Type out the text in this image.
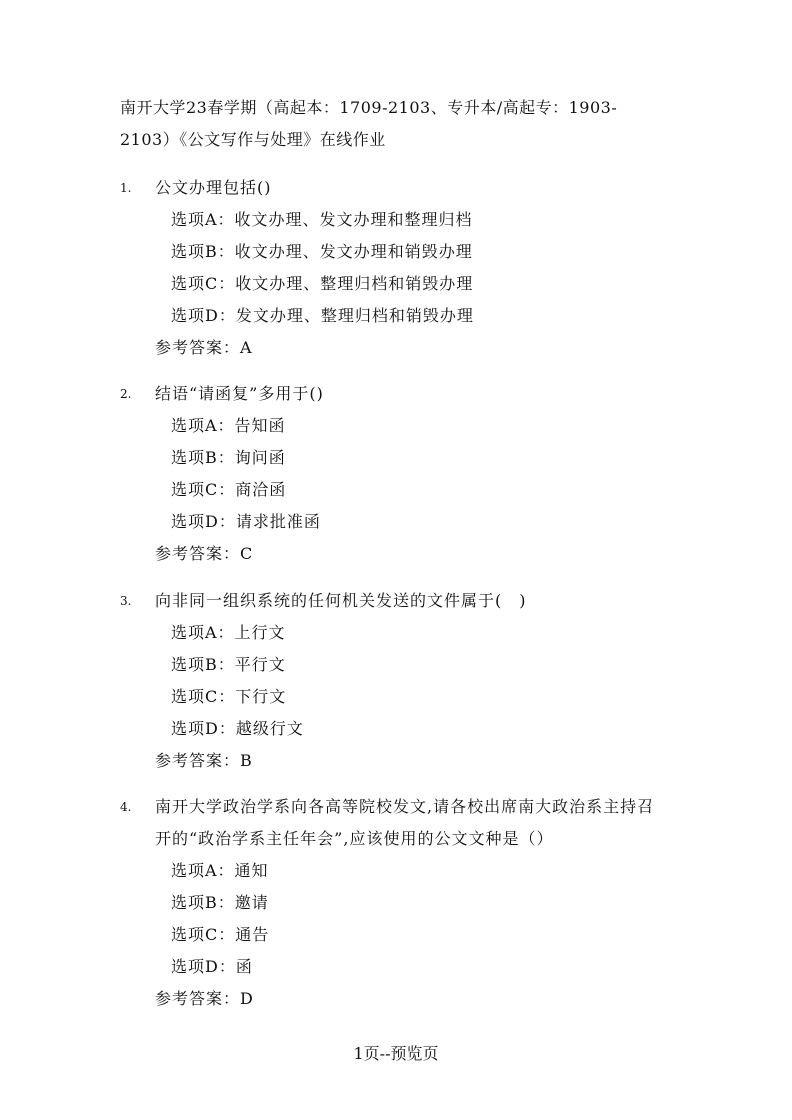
南开大学23春学期（高起本：1709-2103、专升本/高起专：1903-
2103）《公文写作与处理》在线作业
1. 公文办理包括()
选项A：收文办理、发文办理和整理归档
选项B：收文办理、发文办理和销毁办理
选项C：收文办理、整理归档和销毁办理
选项D：发文办理、整理归档和销毁办理
参考答案：A
2. 结语“请函复”多用于()
选项A：告知函
选项B：询问函
选项C：商洽函
选项D：请求批准函
参考答案：C
3. 向非同一组织系统的任何机关发送的文件属于(　)
选项A：上行文
选项B：平行文
选项C：下行文
选项D：越级行文
参考答案：B
4. 南开大学政治学系向各高等院校发文,请各校出席南大政治系主持召
开的“政治学系主任年会”,应该使用的公文文种是（）
选项A：通知
选项B：邀请
选项C：通告
选项D：函
参考答案：D
1页--预览页
